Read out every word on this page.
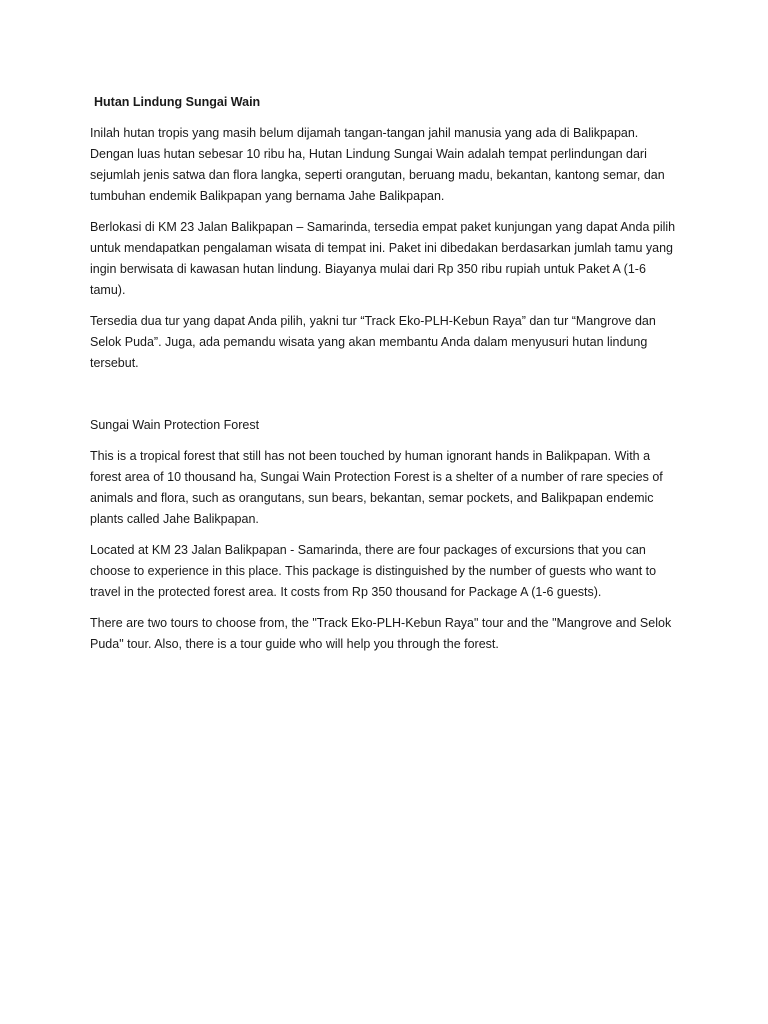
Hutan Lindung Sungai Wain

Inilah hutan tropis yang masih belum dijamah tangan-tangan jahil manusia yang ada di Balikpapan. Dengan luas hutan sebesar 10 ribu ha, Hutan Lindung Sungai Wain adalah tempat perlindungan dari sejumlah jenis satwa dan flora langka, seperti orangutan, beruang madu, bekantan, kantong semar, dan tumbuhan endemik Balikpapan yang bernama Jahe Balikpapan.

Berlokasi di KM 23 Jalan Balikpapan – Samarinda, tersedia empat paket kunjungan yang dapat Anda pilih untuk mendapatkan pengalaman wisata di tempat ini. Paket ini dibedakan berdasarkan jumlah tamu yang ingin berwisata di kawasan hutan lindung. Biayanya mulai dari Rp 350 ribu rupiah untuk Paket A (1-6 tamu).

Tersedia dua tur yang dapat Anda pilih, yakni tur “Track Eko-PLH-Kebun Raya” dan tur “Mangrove dan Selok Puda”. Juga, ada pemandu wisata yang akan membantu Anda dalam menyusuri hutan lindung tersebut.

Sungai Wain Protection Forest

This is a tropical forest that still has not been touched by human ignorant hands in Balikpapan. With a forest area of 10 thousand ha, Sungai Wain Protection Forest is a shelter of a number of rare species of animals and flora, such as orangutans, sun bears, bekantan, semar pockets, and Balikpapan endemic plants called Jahe Balikpapan.

Located at KM 23 Jalan Balikpapan - Samarinda, there are four packages of excursions that you can choose to experience in this place. This package is distinguished by the number of guests who want to travel in the protected forest area. It costs from Rp 350 thousand for Package A (1-6 guests).

There are two tours to choose from, the "Track Eko-PLH-Kebun Raya" tour and the "Mangrove and Selok Puda" tour. Also, there is a tour guide who will help you through the forest.
